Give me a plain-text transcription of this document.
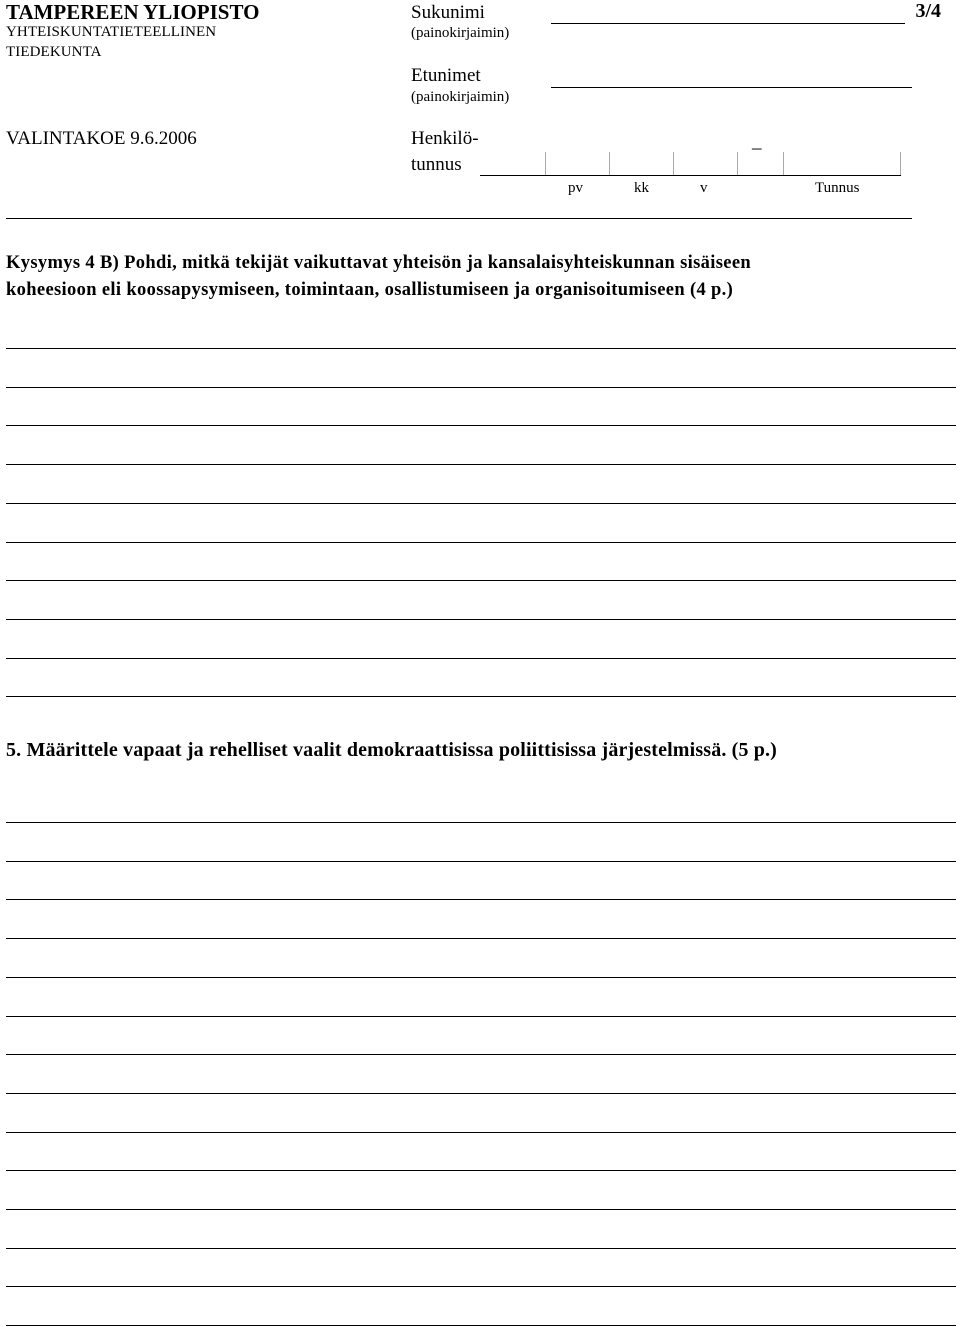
TAMPEREEN YLIOPISTO
YHTEISKUNTATIETEELLINEN
TIEDEKUNTA
VALINTAKOE 9.6.2006
Sukunimi
(painokirjaimin)
3/4
Etunimet
(painokirjaimin)
Henkilö-
tunnus
_
pv	kk	v	Tunnus
Kysymys 4 B) Pohdi, mitkä tekijät vaikuttavat yhteisön ja kansalaisyhteiskunnan sisäiseen
koheesioon eli koossapysymiseen, toimintaan, osallistumiseen ja organisoitumiseen (4 p.)
5. Määrittele vapaat ja rehelliset vaalit demokraattisissa poliittisissa järjestelmissä. (5 p.)
